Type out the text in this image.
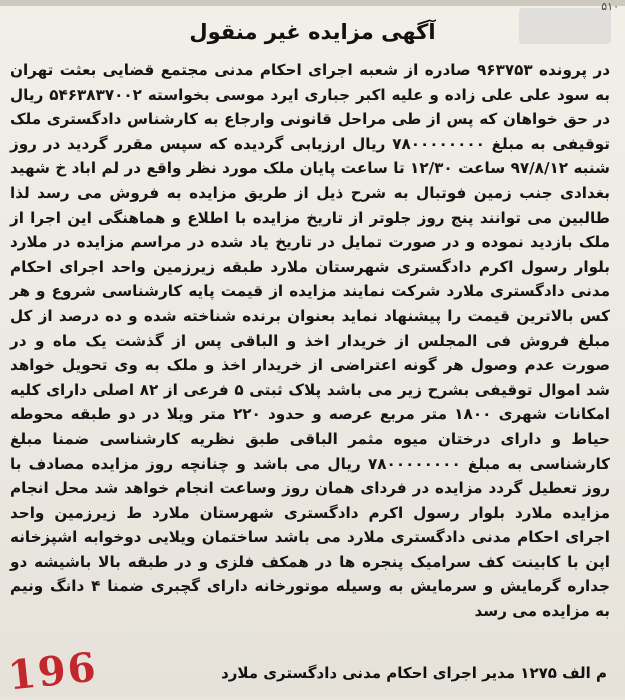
۵۱۰
آگهی مزایده غیر منقول

در پرونده ۹۶۳۷۵۳ صادره از شعبه اجرای احکام مدنی مجتمع قضایی بعثت تهران به سود علی علی زاده و علیه اکبر جباری ایرد موسی بخواسته ۵۴۶۳۸۳۷۰۰۲ ریال در حق خواهان که پس از طی مراحل قانونی وارجاع به کارشناس دادگستری ملک توقیفی به مبلغ ۷۸۰۰۰۰۰۰۰۰ ریال ارزیابی گردیده که سپس مقرر گردید در روز شنبه ۹۷/۸/۱۲ ساعت ۱۲/۳۰ تا ساعت پایان ملک مورد نظر واقع در لم اباد خ شهید بغدادی جنب زمین فوتبال به شرح ذیل از طریق مزایده به فروش می رسد لذا طالبین می توانند پنج روز جلوتر از تاریخ مزایده با اطلاع و هماهنگی این اجرا از ملک بازدید نموده و در صورت تمایل در تاریخ یاد شده در مراسم مزایده در ملارد بلوار رسول اکرم دادگستری شهرستان ملارد طبقه زیرزمین واحد اجرای احکام مدنی دادگستری ملارد شرکت نمایند مزایده از قیمت پایه کارشناسی شروع و هر کس بالاترین قیمت را پیشنهاد نماید بعنوان برنده شناخته شده و ده درصد از کل مبلغ فروش فی المجلس از خریدار اخذ و الباقی پس از گذشت یک ماه و در صورت عدم وصول هر گونه اعتراضی از خریدار اخذ و ملک به وی تحویل خواهد شد اموال توقیفی بشرح زیر می باشد پلاک ثبتی ۵ فرعی از ۸۲ اصلی دارای کلیه امکانات شهری ۱۸۰۰ متر مربع عرصه و حدود ۲۲۰ متر ویلا در دو طبقه محوطه حیاط و دارای درختان میوه مثمر الباقی طبق نظریه کارشناسی ضمنا مبلغ کارشناسی به مبلغ ۷۸۰۰۰۰۰۰۰۰ ریال می باشد و چنانچه روز مزایده مصادف با روز تعطیل گردد مزایده در فردای همان روز وساعت انجام خواهد شد محل انجام مزایده ملارد بلوار رسول اکرم دادگستری شهرستان ملارد ط زیرزمین واحد اجرای احکام مدنی دادگستری ملارد می باشد ساختمان ویلایی دوخوابه اشپزخانه اپن با کابینت کف سرامیک پنجره ها در همکف فلزی و در طبقه بالا باشیشه دو جداره گرمایش و سرمایش به وسیله موتورخانه دارای گچبری ضمنا ۴ دانگ ونیم به مزایده می رسد

م الف ۱۲۷۵ مدیر اجرای احکام مدنی دادگستری ملارد
196
